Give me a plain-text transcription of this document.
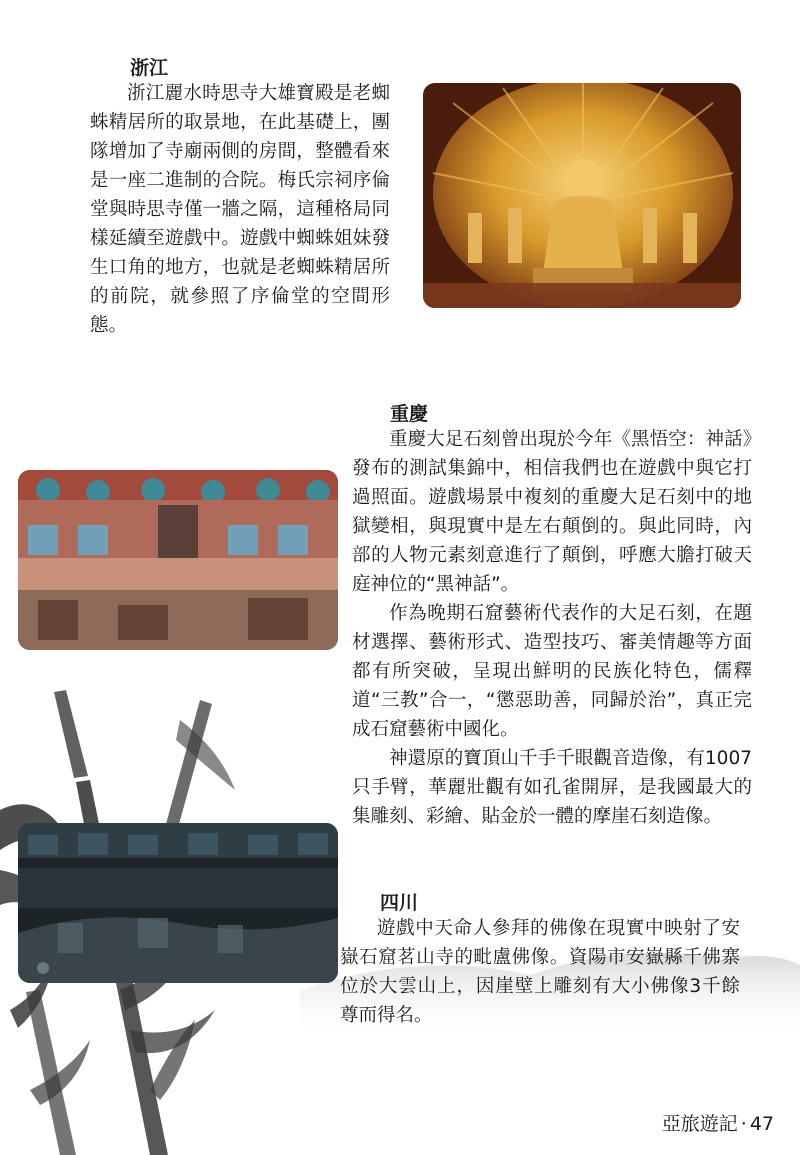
浙江

浙江麗水時思寺大雄寶殿是老蜘蛛精居所的取景地，在此基礎上，團隊增加了寺廟兩側的房間，整體看來是一座二進制的合院。梅氏宗祠序倫堂與時思寺僅一牆之隔，這種格局同樣延續至遊戲中。遊戲中蜘蛛姐妹發生口角的地方，也就是老蜘蛛精居所的前院，就參照了序倫堂的空間形態。

重慶

重慶大足石刻曾出現於今年《黑悟空：神話》發布的測試集錦中，相信我們也在遊戲中與它打過照面。遊戲場景中複刻的重慶大足石刻中的地獄變相，與現實中是左右顛倒的。與此同時，內部的人物元素刻意進行了顛倒，呼應大膽打破天庭神位的“黑神話”。

作為晚期石窟藝術代表作的大足石刻，在題材選擇、藝術形式、造型技巧、審美情趣等方面都有所突破，呈現出鮮明的民族化特色，儒釋道“三教”合一，“懲惡助善，同歸於治”，真正完成石窟藝術中國化。

神還原的寶頂山千手千眼觀音造像，有1007只手臂，華麗壯觀有如孔雀開屏，是我國最大的集雕刻、彩繪、貼金於一體的摩崖石刻造像。

四川

遊戲中天命人參拜的佛像在現實中映射了安嶽石窟茗山寺的毗盧佛像。資陽市安嶽縣千佛寨位於大雲山上，因崖壁上雕刻有大小佛像3千餘尊而得名。

亞旅遊記 · 47
